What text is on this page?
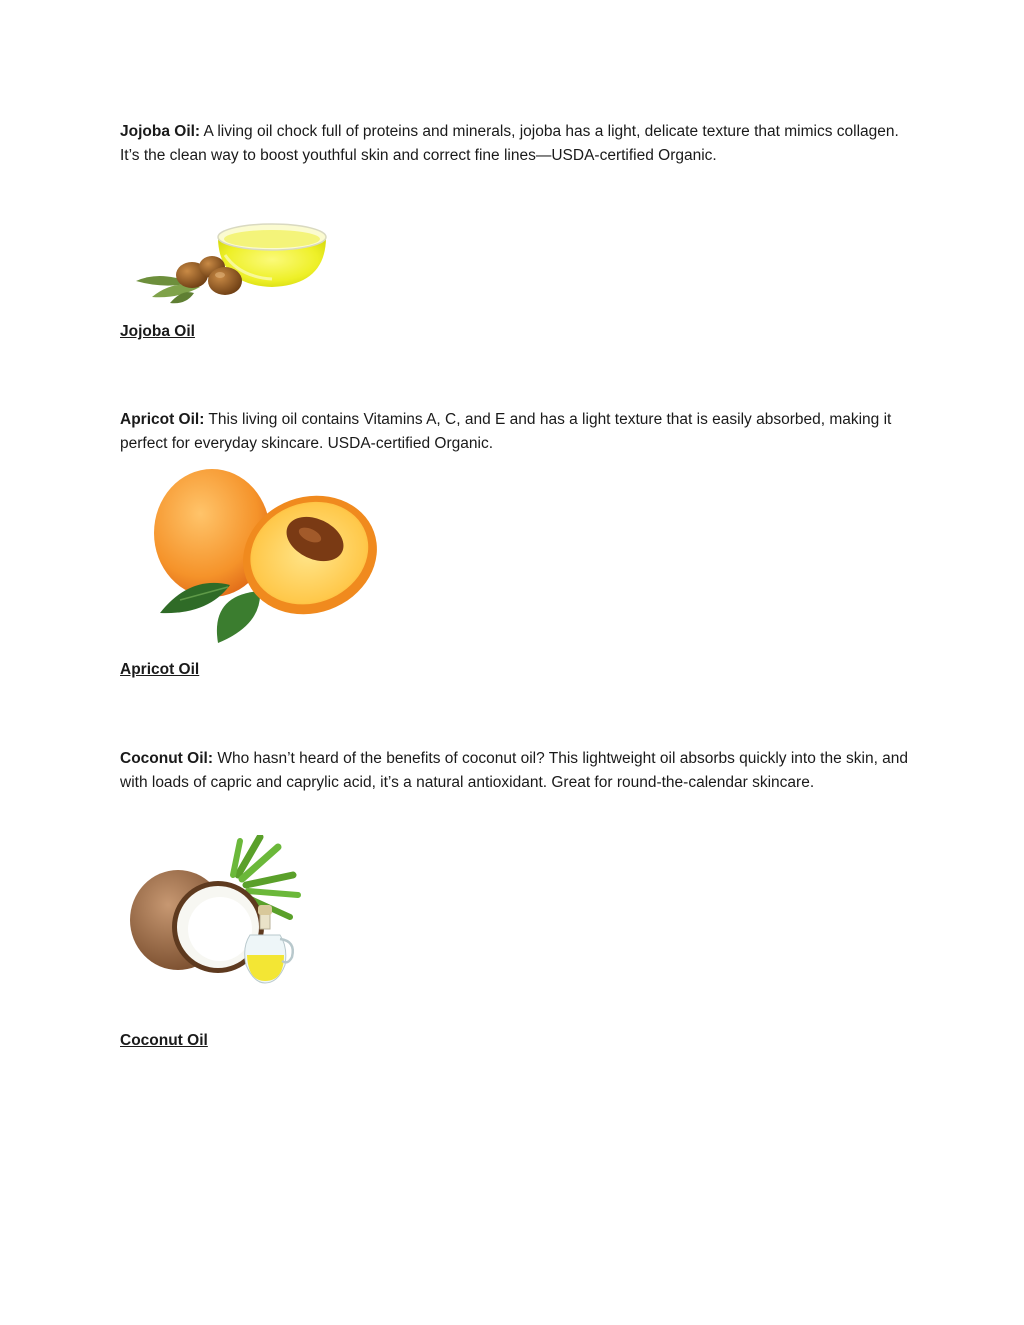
Jojoba Oil: A living oil chock full of proteins and minerals, jojoba has a light, delicate texture that mimics collagen. It’s the clean way to boost youthful skin and correct fine lines—USDA-certified Organic.

Jojoba Oil

Apricot Oil: This living oil contains Vitamins A, C, and E and has a light texture that is easily absorbed, making it perfect for everyday skincare. USDA-certified Organic.

Apricot Oil

Coconut Oil: Who hasn’t heard of the benefits of coconut oil? This lightweight oil absorbs quickly into the skin, and with loads of capric and caprylic acid, it’s a natural antioxidant. Great for round-the-calendar skincare.

Coconut Oil
